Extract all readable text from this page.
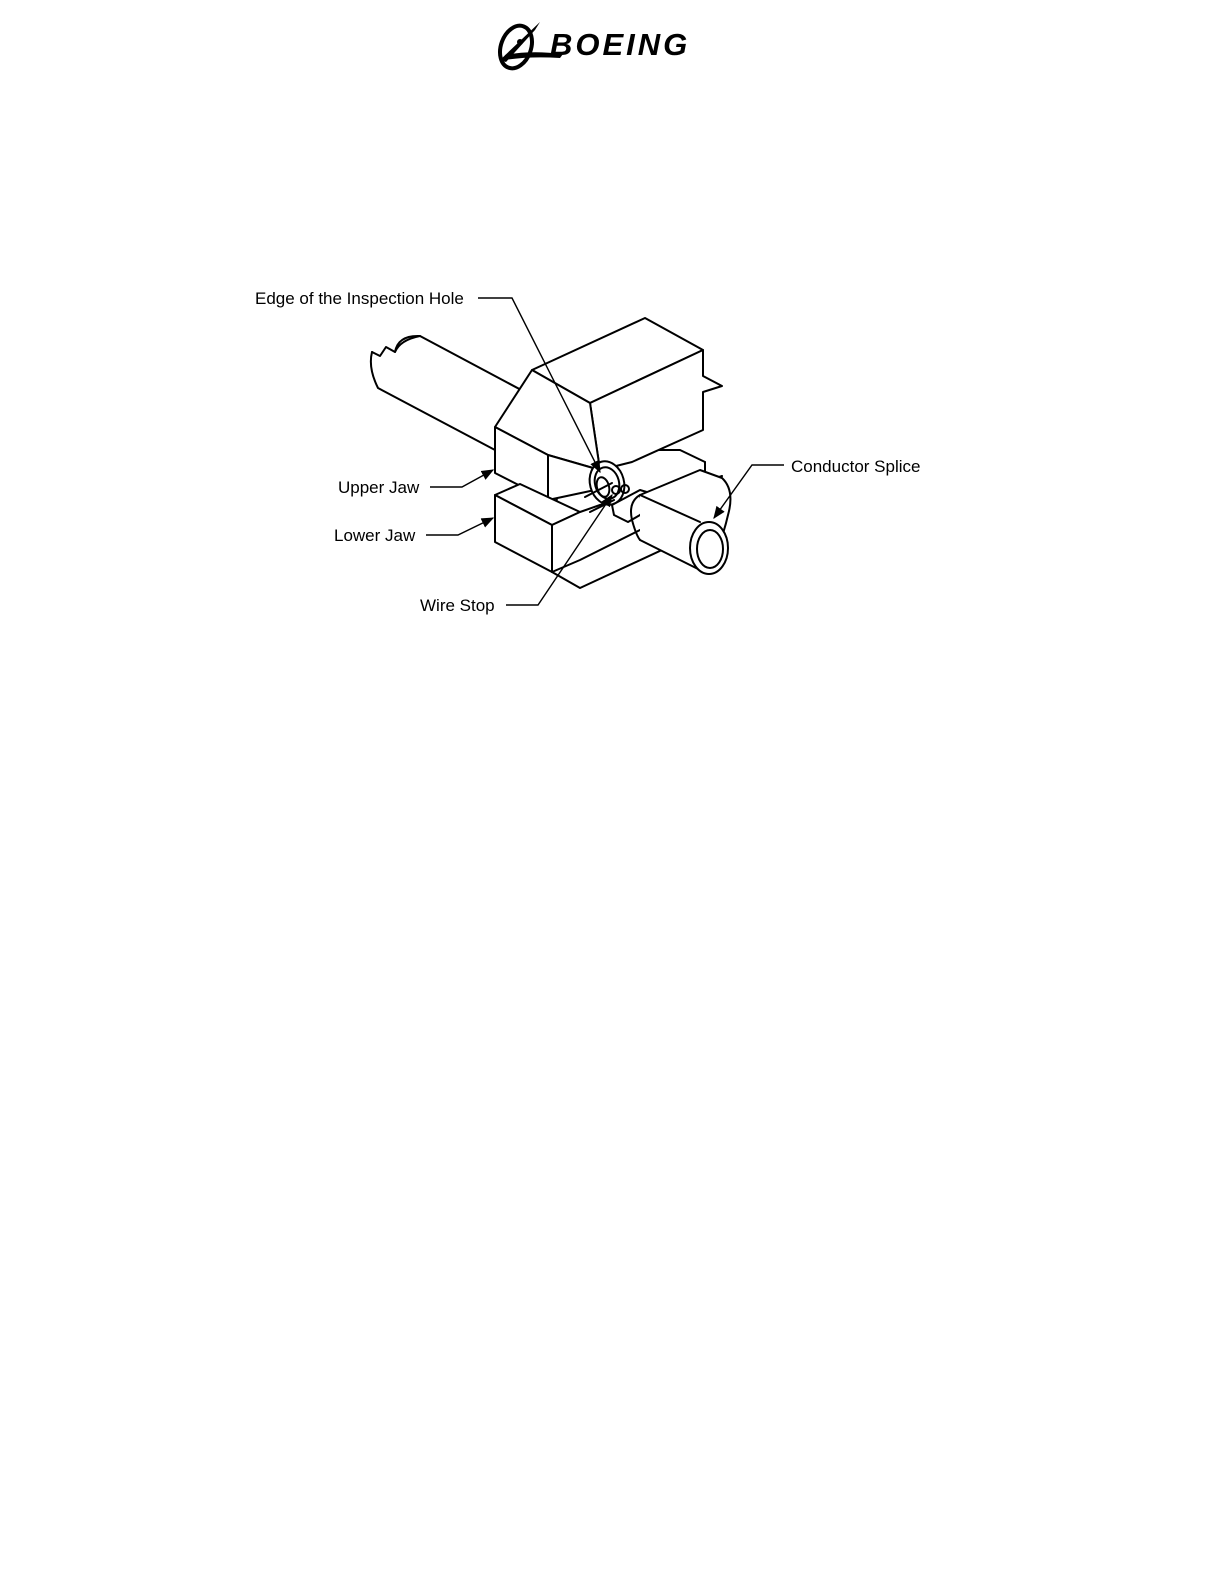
BOEING
Edge of the Inspection Hole
Upper Jaw
Lower Jaw
Wire Stop
Conductor Splice
